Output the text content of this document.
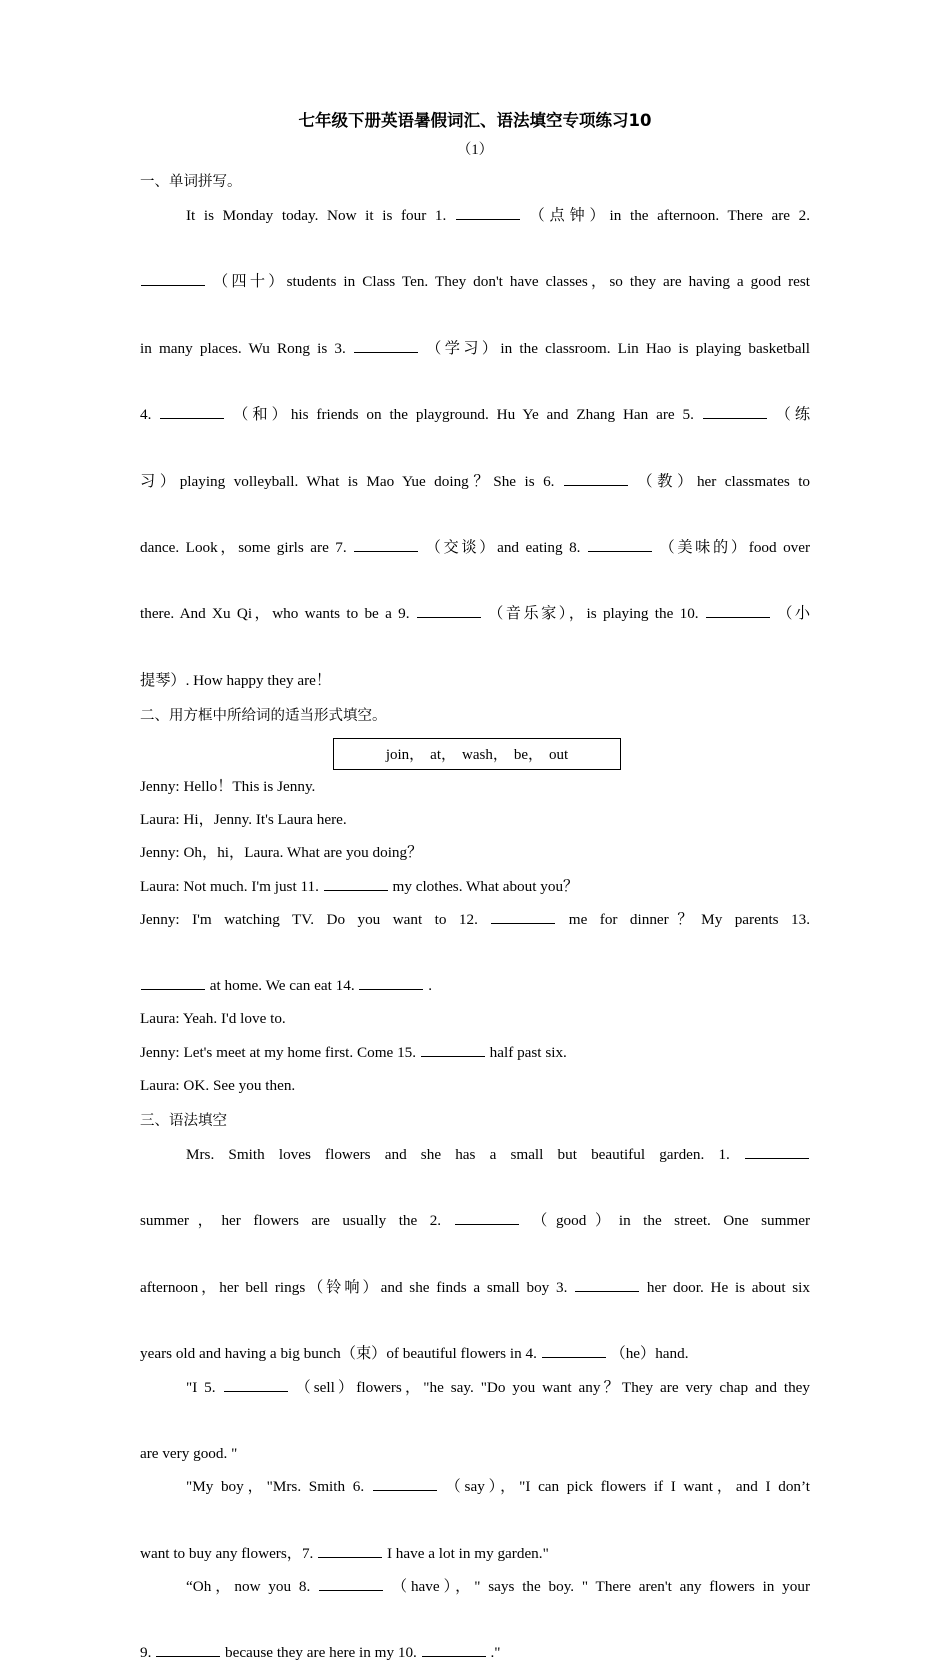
七年级下册英语暑假词汇、语法填空专项练习10
（1）
一、单词拼写。
It is Monday today. Now it is four 1.	（点钟）in the afternoon. There are 2.
（四十）students in Class Ten. They don't have classes，so they are having a good rest
in many places. Wu Rong is 3.	（学习）in the classroom. Lin Hao is playing basketball
4.	（和）his friends on the playground. Hu Ye and Zhang Han are 5.	（练
习）playing volleyball. What is Mao Yue doing？She is 6.	（教）her classmates to
dance. Look，some girls are 7.	（交谈）and eating 8.	（美味的）food over
there. And Xu Qi，who wants to be a 9.	（音乐家），is playing the 10.	（小
提琴）. How happy they are！
二、用方框中所给词的适当形式填空。
join， at， wash， be， out
Jenny: Hello！This is Jenny.
Laura: Hi，Jenny. It's Laura here.
Jenny: Oh，hi，Laura. What are you doing？
Laura: Not much. I'm just 11.	my clothes. What about you？
Jenny: I'm watching TV. Do you want to 12.	me for dinner？My parents 13.
at home. We can eat 14.	.
Laura: Yeah. I'd love to.
Jenny: Let's meet at my home first. Come 15.	half past six.
Laura: OK. See you then.
三、语法填空
Mrs. Smith loves flowers and she has a small but beautiful garden. 1.
summer，her flowers are usually the 2.	（good）in the street. One summer
afternoon，her bell rings（铃响）and she finds a small boy 3.	her door. He is about six
years old and having a big bunch（束）of beautiful flowers in 4.	（he）hand.
"I 5.	（sell）flowers，"he say. "Do you want any？They are very chap and they
are very good. "
"My boy，"Mrs. Smith 6.	（say），"I can pick flowers if I want，and I don’t
want to buy any flowers，7.	I have a lot in my garden."
“Oh，now you 8.	（have），" says the boy. " There aren't any flowers in your
9.	because they are here in my 10.	."
